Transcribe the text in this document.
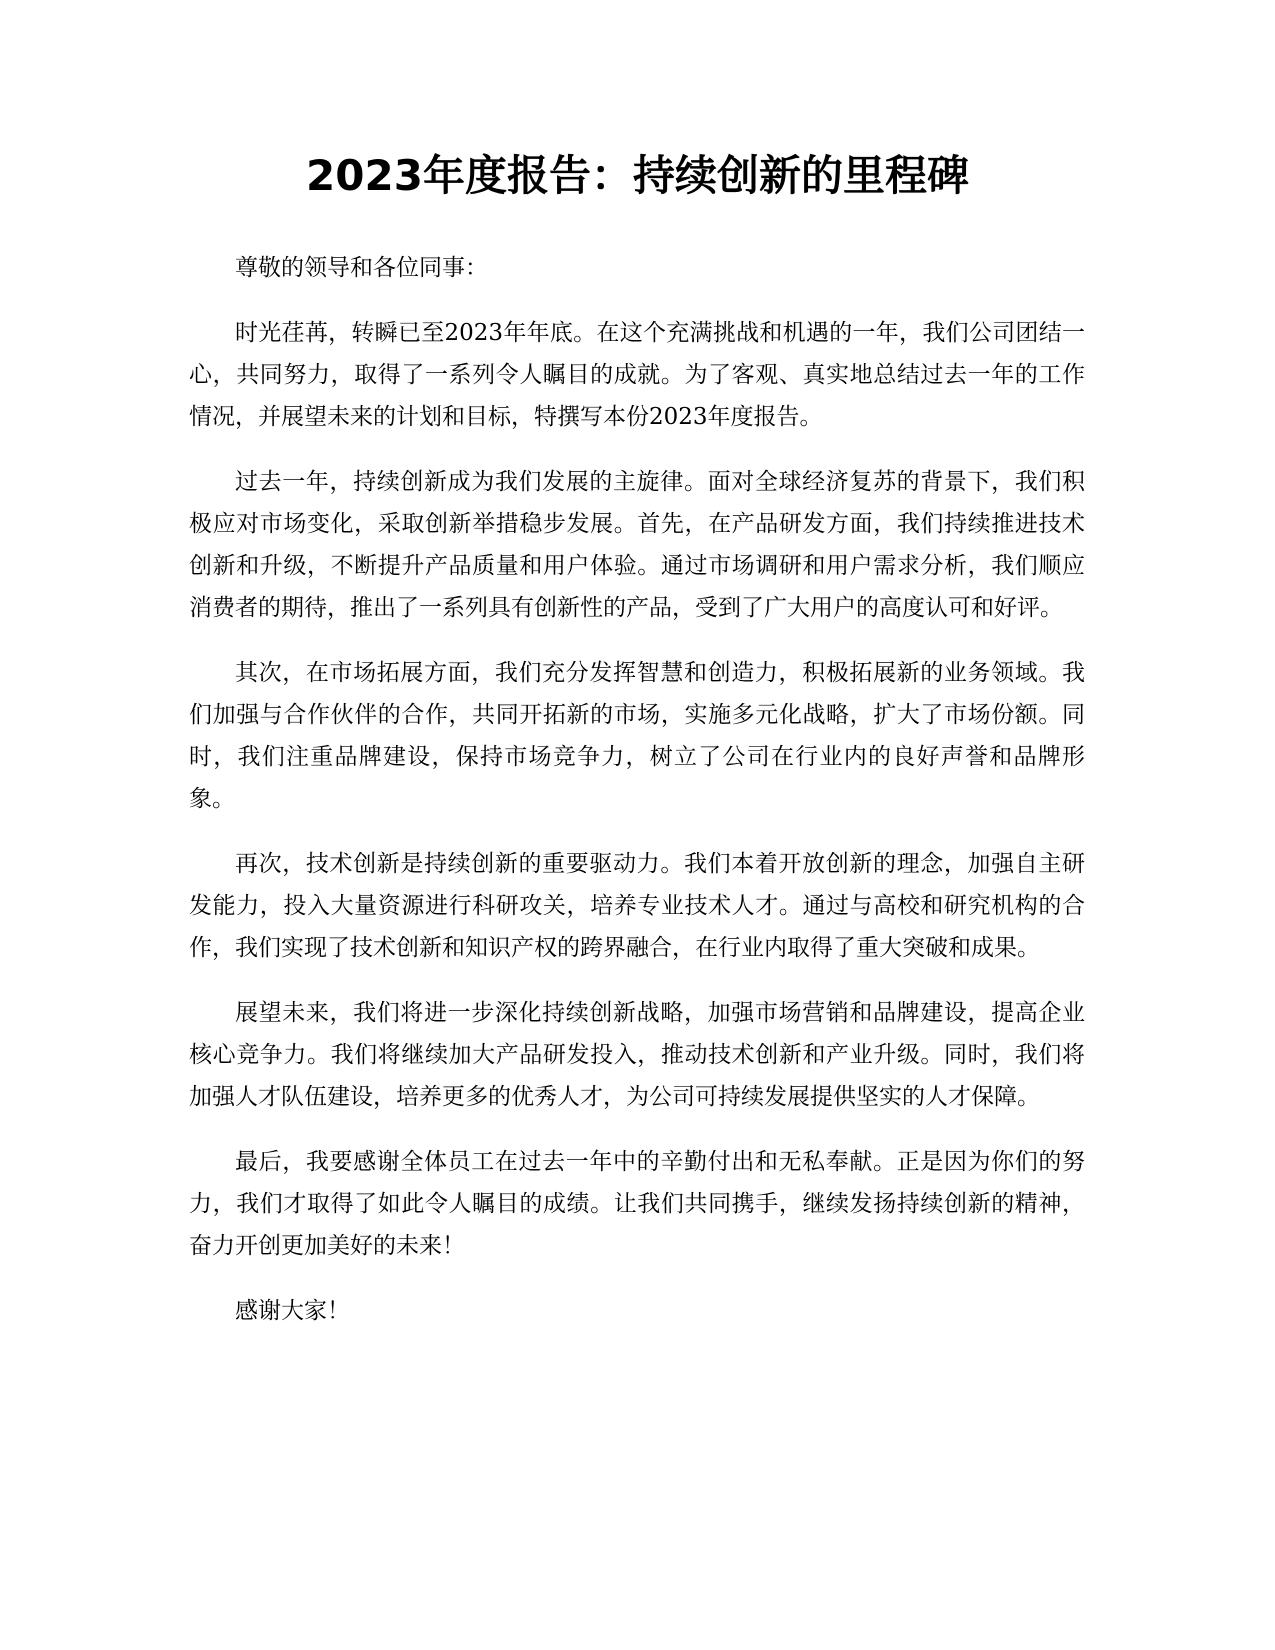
2023年度报告：持续创新的里程碑

尊敬的领导和各位同事：

时光荏苒，转瞬已至2023年年底。在这个充满挑战和机遇的一年，我们公司团结一心，共同努力，取得了一系列令人瞩目的成就。为了客观、真实地总结过去一年的工作情况，并展望未来的计划和目标，特撰写本份2023年度报告。

过去一年，持续创新成为我们发展的主旋律。面对全球经济复苏的背景下，我们积极应对市场变化，采取创新举措稳步发展。首先，在产品研发方面，我们持续推进技术创新和升级，不断提升产品质量和用户体验。通过市场调研和用户需求分析，我们顺应消费者的期待，推出了一系列具有创新性的产品，受到了广大用户的高度认可和好评。

其次，在市场拓展方面，我们充分发挥智慧和创造力，积极拓展新的业务领域。我们加强与合作伙伴的合作，共同开拓新的市场，实施多元化战略，扩大了市场份额。同时，我们注重品牌建设，保持市场竞争力，树立了公司在行业内的良好声誉和品牌形象。

再次，技术创新是持续创新的重要驱动力。我们本着开放创新的理念，加强自主研发能力，投入大量资源进行科研攻关，培养专业技术人才。通过与高校和研究机构的合作，我们实现了技术创新和知识产权的跨界融合，在行业内取得了重大突破和成果。

展望未来，我们将进一步深化持续创新战略，加强市场营销和品牌建设，提高企业核心竞争力。我们将继续加大产品研发投入，推动技术创新和产业升级。同时，我们将加强人才队伍建设，培养更多的优秀人才，为公司可持续发展提供坚实的人才保障。

最后，我要感谢全体员工在过去一年中的辛勤付出和无私奉献。正是因为你们的努力，我们才取得了如此令人瞩目的成绩。让我们共同携手，继续发扬持续创新的精神，奋力开创更加美好的未来！

感谢大家！
